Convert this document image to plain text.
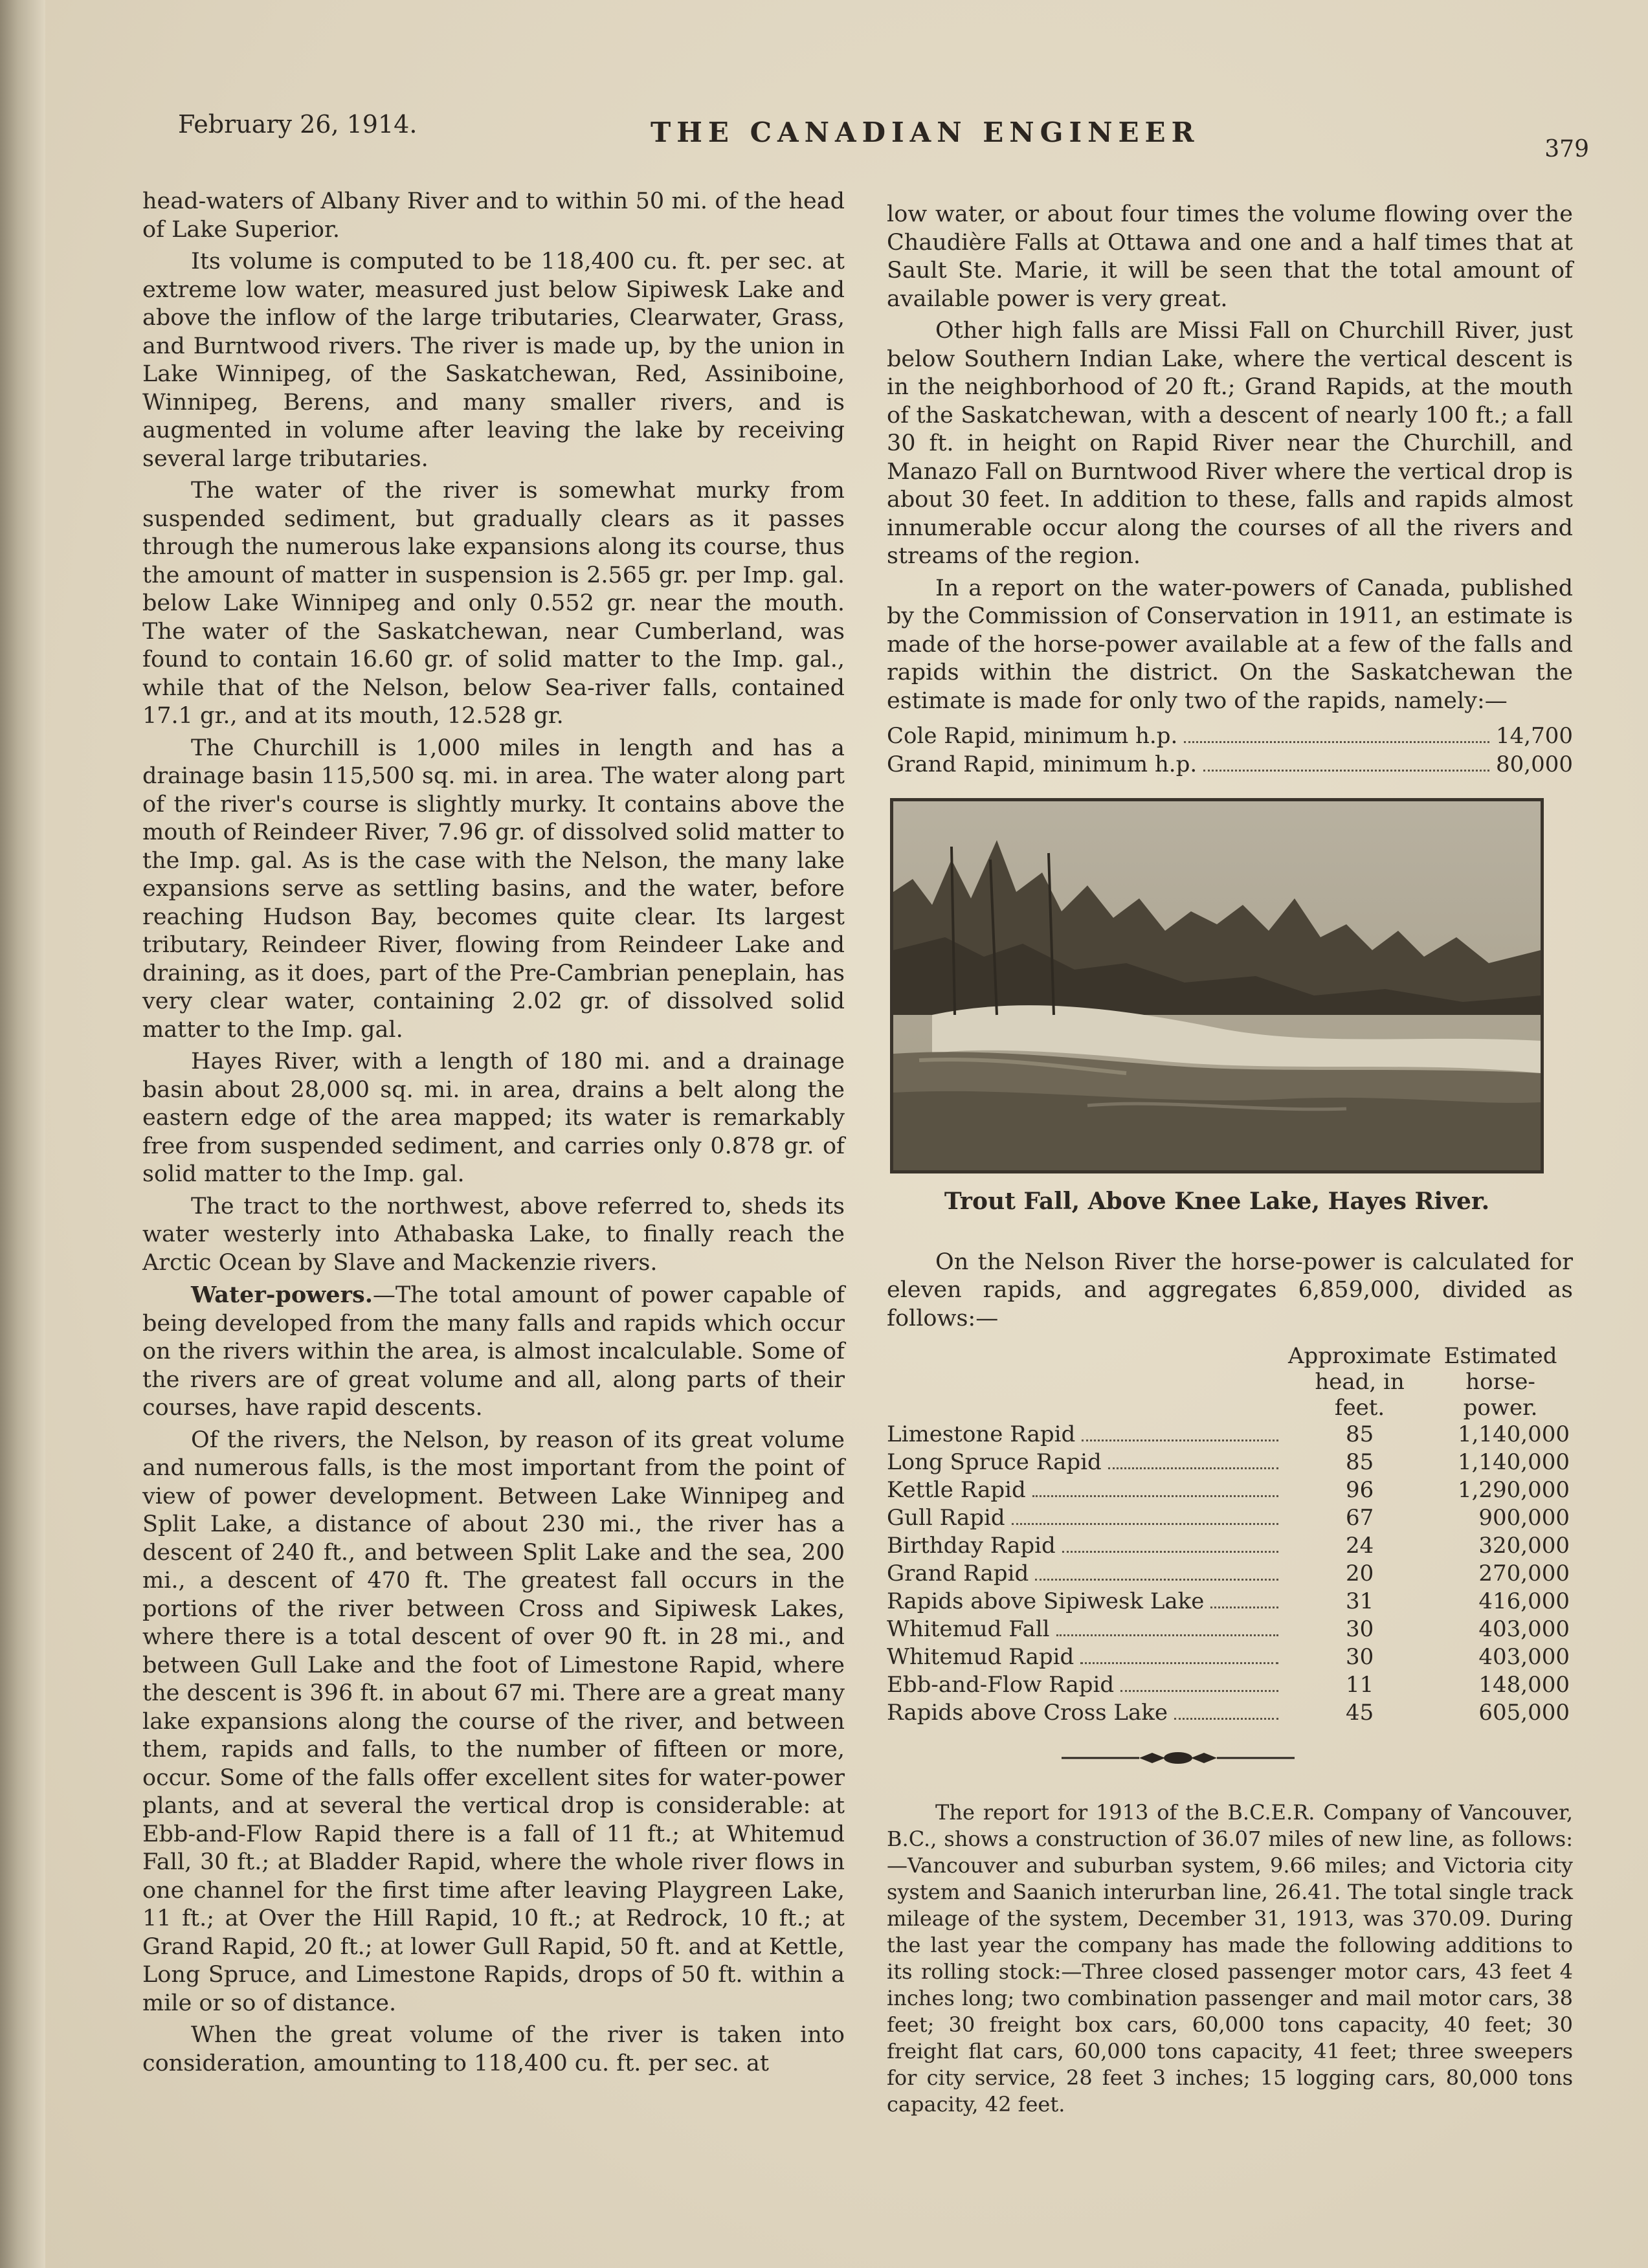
February 26, 1914.	THE CANADIAN ENGINEER
379

head-waters of Albany River and to within 50 mi. of the head of Lake Superior.

Its volume is computed to be 118,400 cu. ft. per sec. at extreme low water, measured just below Sipiwesk Lake and above the inflow of the large tributaries, Clearwater, Grass, and Burntwood rivers. The river is made up, by the union in Lake Winnipeg, of the Saskatchewan, Red, Assiniboine, Winnipeg, Berens, and many smaller rivers, and is augmented in volume after leaving the lake by receiving several large tributaries.

The water of the river is somewhat murky from suspended sediment, but gradually clears as it passes through the numerous lake expansions along its course, thus the amount of matter in suspension is 2.565 gr. per Imp. gal. below Lake Winnipeg and only 0.552 gr. near the mouth. The water of the Saskatchewan, near Cumberland, was found to contain 16.60 gr. of solid matter to the Imp. gal., while that of the Nelson, below Sea-river falls, contained 17.1 gr., and at its mouth, 12.528 gr.

The Churchill is 1,000 miles in length and has a drainage basin 115,500 sq. mi. in area. The water along part of the river's course is slightly murky. It contains above the mouth of Reindeer River, 7.96 gr. of dissolved solid matter to the Imp. gal. As is the case with the Nelson, the many lake expansions serve as settling basins, and the water, before reaching Hudson Bay, becomes quite clear. Its largest tributary, Reindeer River, flowing from Reindeer Lake and draining, as it does, part of the Pre-Cambrian peneplain, has very clear water, containing 2.02 gr. of dissolved solid matter to the Imp. gal.

Hayes River, with a length of 180 mi. and a drainage basin about 28,000 sq. mi. in area, drains a belt along the eastern edge of the area mapped; its water is remarkably free from suspended sediment, and carries only 0.878 gr. of solid matter to the Imp. gal.

The tract to the northwest, above referred to, sheds its water westerly into Athabaska Lake, to finally reach the Arctic Ocean by Slave and Mackenzie rivers.

Water-powers.—The total amount of power capable of being developed from the many falls and rapids which occur on the rivers within the area, is almost incalculable. Some of the rivers are of great volume and all, along parts of their courses, have rapid descents.

Of the rivers, the Nelson, by reason of its great volume and numerous falls, is the most important from the point of view of power development. Between Lake Winnipeg and Split Lake, a distance of about 230 mi., the river has a descent of 240 ft., and between Split Lake and the sea, 200 mi., a descent of 470 ft. The greatest fall occurs in the portions of the river between Cross and Sipiwesk Lakes, where there is a total descent of over 90 ft. in 28 mi., and between Gull Lake and the foot of Limestone Rapid, where the descent is 396 ft. in about 67 mi. There are a great many lake expansions along the course of the river, and between them, rapids and falls, to the number of fifteen or more, occur. Some of the falls offer excellent sites for water-power plants, and at several the vertical drop is considerable: at Ebb-and-Flow Rapid there is a fall of 11 ft.; at Whitemud Fall, 30 ft.; at Bladder Rapid, where the whole river flows in one channel for the first time after leaving Playgreen Lake, 11 ft.; at Over the Hill Rapid, 10 ft.; at Redrock, 10 ft.; at Grand Rapid, 20 ft.; at lower Gull Rapid, 50 ft. and at Kettle, Long Spruce, and Limestone Rapids, drops of 50 ft. within a mile or so of distance.

When the great volume of the river is taken into consideration, amounting to 118,400 cu. ft. per sec. at

low water, or about four times the volume flowing over the Chaudière Falls at Ottawa and one and a half times that at Sault Ste. Marie, it will be seen that the total amount of available power is very great.

Other high falls are Missi Fall on Churchill River, just below Southern Indian Lake, where the vertical descent is in the neighborhood of 20 ft.; Grand Rapids, at the mouth of the Saskatchewan, with a descent of nearly 100 ft.; a fall 30 ft. in height on Rapid River near the Churchill, and Manazo Fall on Burntwood River where the vertical drop is about 30 feet. In addition to these, falls and rapids almost innumerable occur along the courses of all the rivers and streams of the region.

In a report on the water-powers of Canada, published by the Commission of Conservation in 1911, an estimate is made of the horse-power available at a few of the falls and rapids within the district. On the Saskatchewan the estimate is made for only two of the rapids, namely:—

Cole Rapid, minimum h.p.	14,700
Grand Rapid, minimum h.p.	80,000
Trout Fall, Above Knee Lake, Hayes River.

On the Nelson River the horse-power is calculated for eleven rapids, and aggregates 6,859,000, divided as follows:—

	Approximate head, in feet.	Estimated horse-power.

Limestone Rapid	85	1,140,000

Long Spruce Rapid	85	1,140,000

Kettle Rapid	96	1,290,000

Gull Rapid	67	900,000

Birthday Rapid	24	320,000

Grand Rapid	20	270,000

Rapids above Sipiwesk Lake	31	416,000

Whitemud Fall	30	403,000

Whitemud Rapid	30	403,000

Ebb-and-Flow Rapid	11	148,000

Rapids above Cross Lake	45	605,000

The report for 1913 of the B.C.E.R. Company of Vancouver, B.C., shows a construction of 36.07 miles of new line, as follows:—Vancouver and suburban system, 9.66 miles; and Victoria city system and Saanich interurban line, 26.41. The total single track mileage of the system, December 31, 1913, was 370.09. During the last year the company has made the following additions to its rolling stock:—Three closed passenger motor cars, 43 feet 4 inches long; two combination passenger and mail motor cars, 38 feet; 30 freight box cars, 60,000 tons capacity, 40 feet; 30 freight flat cars, 60,000 tons capacity, 41 feet; three sweepers for city service, 28 feet 3 inches; 15 logging cars, 80,000 tons capacity, 42 feet.
